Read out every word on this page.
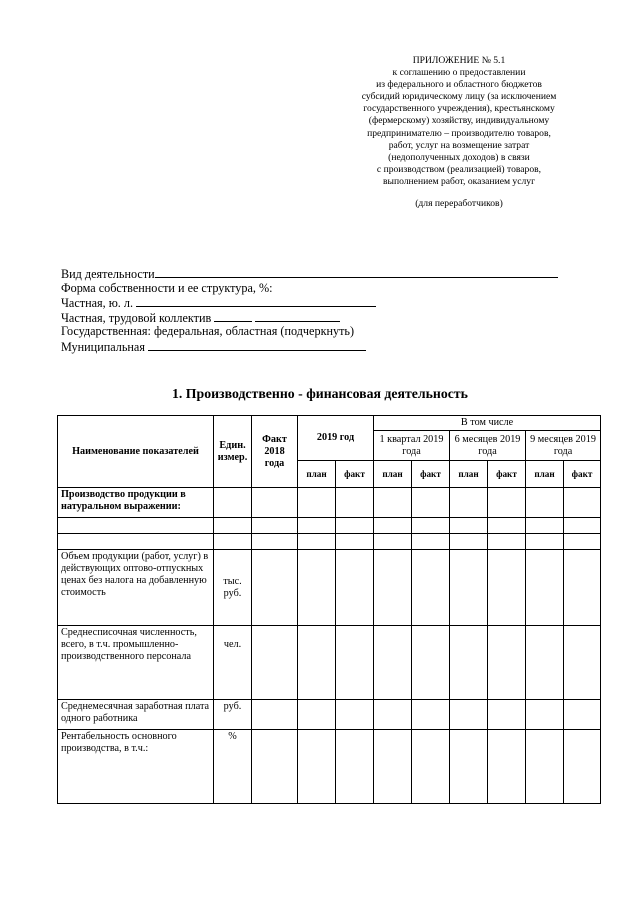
ПРИЛОЖЕНИЕ № 5.1
к соглашению о предоставлении
из федерального и областного бюджетов
субсидий юридическому лицу (за исключением
государственного учреждения), крестьянскому
(фермерскому) хозяйству, индивидуальному
предпринимателю – производителю товаров,
работ, услуг на возмещение затрат
(недополученных доходов) в связи
с производством (реализацией) товаров,
выполнением работ, оказанием услуг
(для переработчиков)
Вид деятельности
Форма собственности и ее структура, %:
Частная, ю. л.
Частная, трудовой коллектив
Государственная: федеральная, областная (подчеркнуть)
Муниципальная
1. Производственно - финансовая деятельность
Наименование показателей	Един. измер.	Факт 2018 года	2019 год		В том числе					
					1 квартал 2019 года		6 месяцев 2019 года		9 месяцев 2019 года	
			план	факт	план	факт	план	факт	план	факт
Производство продукции в натуральном выражении:										

Объем продукции (работ, услуг) в действующих оптово-отпускных ценах без налога на добавленную стоимость	тыс. руб.									
Среднесписочная численность, всего, в т.ч. промышленно-производственного персонала	чел.									
Среднемесячная заработная плата одного работника	руб.									
Рентабельность основного производства, в т.ч.:	%									
